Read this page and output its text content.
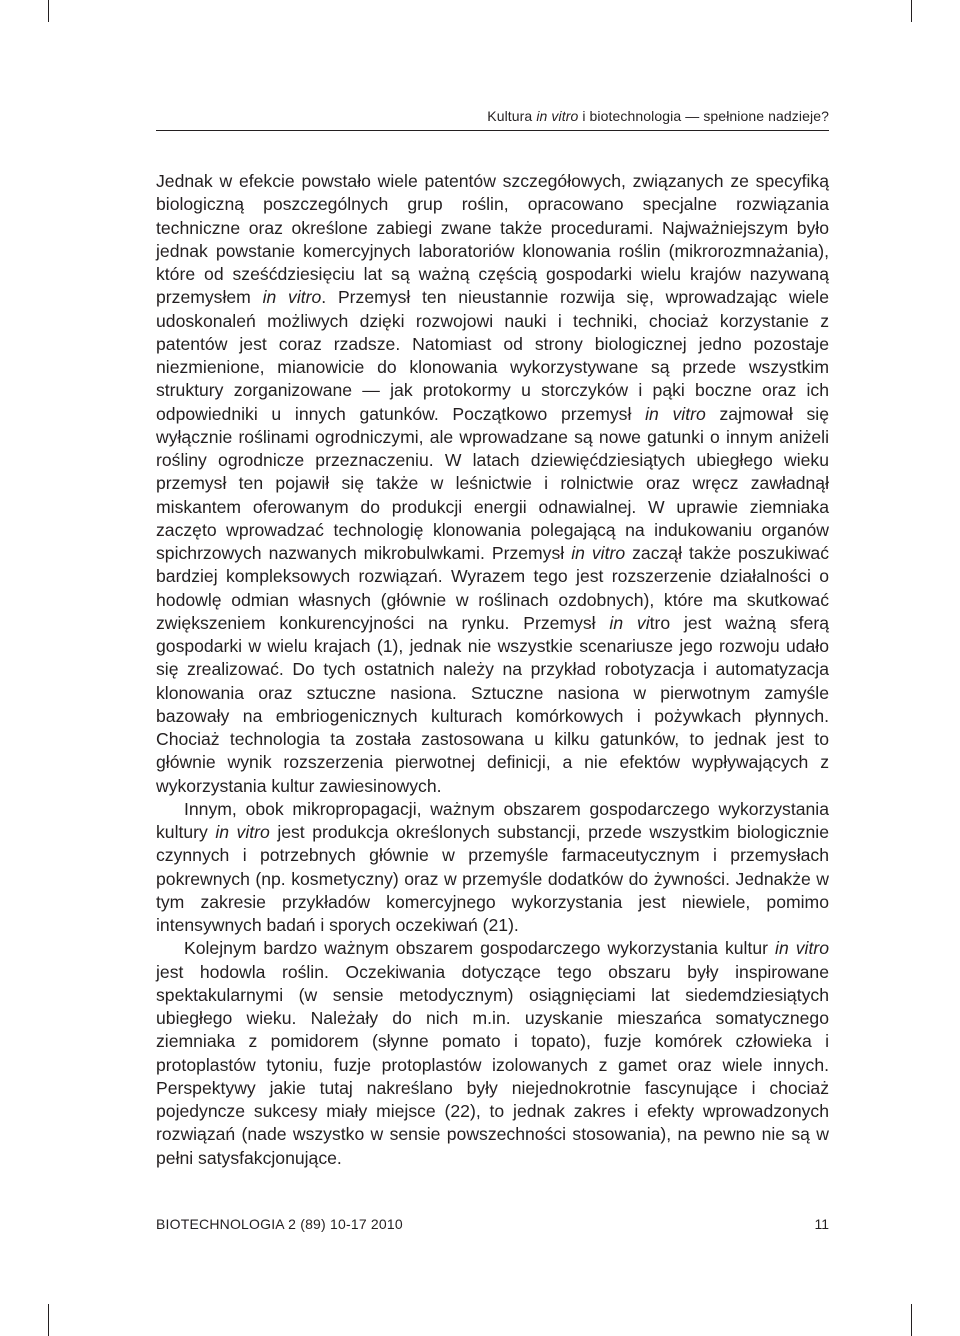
Kultura in vitro i biotechnologia — spełnione nadzieje?

Jednak w efekcie powstało wiele patentów szczegółowych, związanych ze specyfiką biologiczną poszczególnych grup roślin, opracowano specjalne rozwiązania techniczne oraz określone zabiegi zwane także procedurami. Najważniejszym było jednak powstanie komercyjnych laboratoriów klonowania roślin (mikrorozmnażania), które od sześćdziesięciu lat są ważną częścią gospodarki wielu krajów nazywaną przemysłem in vitro. Przemysł ten nieustannie rozwija się, wprowadzając wiele udoskonaleń możliwych dzięki rozwojowi nauki i techniki, chociaż korzystanie z patentów jest coraz rzadsze. Natomiast od strony biologicznej jedno pozostaje niezmienione, mianowicie do klonowania wykorzystywane są przede wszystkim struktury zorganizowane — jak protokormy u storczyków i pąki boczne oraz ich odpowiedniki u innych gatunków. Początkowo przemysł in vitro zajmował się wyłącznie roślinami ogrodniczymi, ale wprowadzane są nowe gatunki o innym aniżeli rośliny ogrodnicze przeznaczeniu. W latach dziewięćdziesiątych ubiegłego wieku przemysł ten pojawił się także w leśnictwie i rolnictwie oraz wręcz zawładnął miskantem oferowanym do produkcji energii odnawialnej. W uprawie ziemniaka zaczęto wprowadzać technologię klonowania polegającą na indukowaniu organów spichrzowych nazwanych mikrobulwkami. Przemysł in vitro zaczął także poszukiwać bardziej kompleksowych rozwiązań. Wyrazem tego jest rozszerzenie działalności o hodowlę odmian własnych (głównie w roślinach ozdobnych), które ma skutkować zwiększeniem konkurencyjności na rynku. Przemysł in vitro jest ważną sferą gospodarki w wielu krajach (1), jednak nie wszystkie scenariusze jego rozwoju udało się zrealizować. Do tych ostatnich należy na przykład robotyzacja i automatyzacja klonowania oraz sztuczne nasiona. Sztuczne nasiona w pierwotnym zamyśle bazowały na embriogenicznych kulturach komórkowych i pożywkach płynnych. Chociaż technologia ta została zastosowana u kilku gatunków, to jednak jest to głównie wynik rozszerzenia pierwotnej definicji, a nie efektów wypływających z wykorzystania kultur zawiesinowych.

Innym, obok mikropropagacji, ważnym obszarem gospodarczego wykorzystania kultury in vitro jest produkcja określonych substancji, przede wszystkim biologicznie czynnych i potrzebnych głównie w przemyśle farmaceutycznym i przemysłach pokrewnych (np. kosmetyczny) oraz w przemyśle dodatków do żywności. Jednakże w tym zakresie przykładów komercyjnego wykorzystania jest niewiele, pomimo intensywnych badań i sporych oczekiwań (21).

Kolejnym bardzo ważnym obszarem gospodarczego wykorzystania kultur in vitro jest hodowla roślin. Oczekiwania dotyczące tego obszaru były inspirowane spektakularnymi (w sensie metodycznym) osiągnięciami lat siedemdziesiątych ubiegłego wieku. Należały do nich m.in. uzyskanie mieszańca somatycznego ziemniaka z pomidorem (słynne pomato i topato), fuzje komórek człowieka i protoplastów tytoniu, fuzje protoplastów izolowanych z gamet oraz wiele innych. Perspektywy jakie tutaj nakreślano były niejednokrotnie fascynujące i chociaż pojedyncze sukcesy miały miejsce (22), to jednak zakres i efekty wprowadzonych rozwiązań (nade wszystko w sensie powszechności stosowania), na pewno nie są w pełni satysfakcjonujące.

BIOTECHNOLOGIA 2 (89) 10-17 2010	11
